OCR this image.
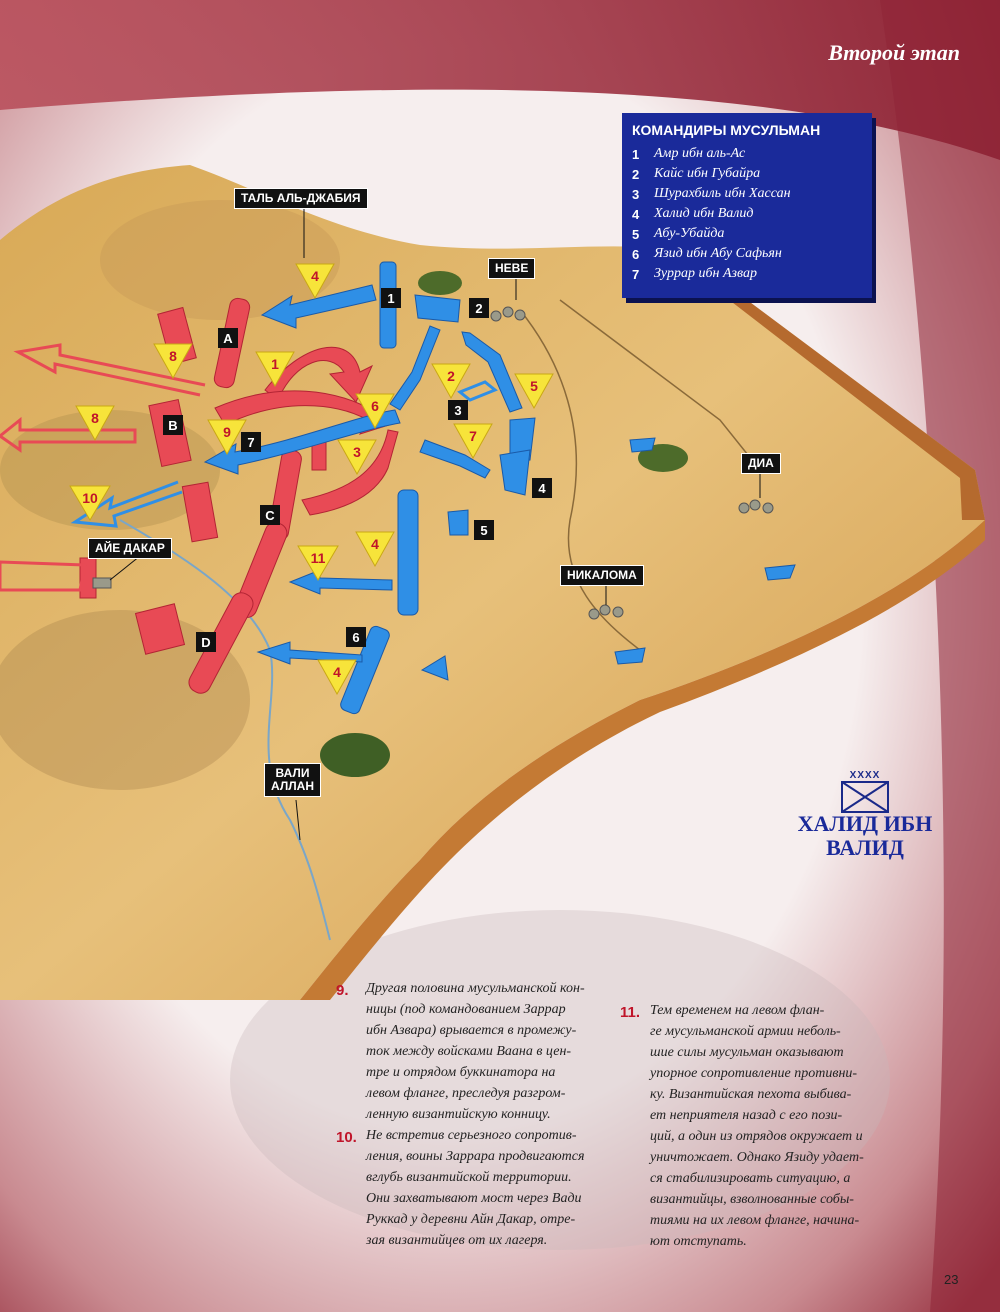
Второй этап
4
8	1
2
5
6
8
9
3
7
10
11
4
4
A
B
C
D
1
2
3
4
5
6
7
ТАЛЬ АЛЬ-ДЖАБИЯ
НЕВЕ
ДИА
АЙЕ ДАКАР
НИКАЛОМА
ВАЛИ
АЛЛАН
КОМАНДИРЫ МУСУЛЬМАН
1	Амр ибн аль-Ас
2	Кайс ибн Губайра
3	Шурахбиль ибн Хассан
4	Халид ибн Валид
5	Абу-Убайда
6	Язид ибн Абу Сафьян
7	Зуррар ибн Азвар
XXXX
ХАЛИД ИБН
ВАЛИД
9. Другая половина мусульманской кон-
ницы (под командованием Заррар
ибн Азвара) врывается в промежу-
ток между войсками Ваана в цен-
тре и отрядом буккинатора на
левом фланге, преследуя разгром-
ленную византийскую конницу.
10. Не встретив серьезного сопротив-
ления, воины Заррара продвигаются
вглубь византийской территории.
Они захватывают мост через Вади
Руккад у деревни Айн Дакар, отре-
зая византийцев от их лагеря.
11. Тем временем на левом флан-
ге мусульманской армии неболь-
шие силы мусульман оказывают
упорное сопротивление противни-
ку. Византийская пехота выбива-
ет неприятеля назад с его пози-
ций, а один из отрядов окружает и
уничтожает. Однако Язиду удает-
ся стабилизировать ситуацию, а
византийцы, взволнованные собы-
тиями на их левом фланге, начина-
ют отступать.
23
